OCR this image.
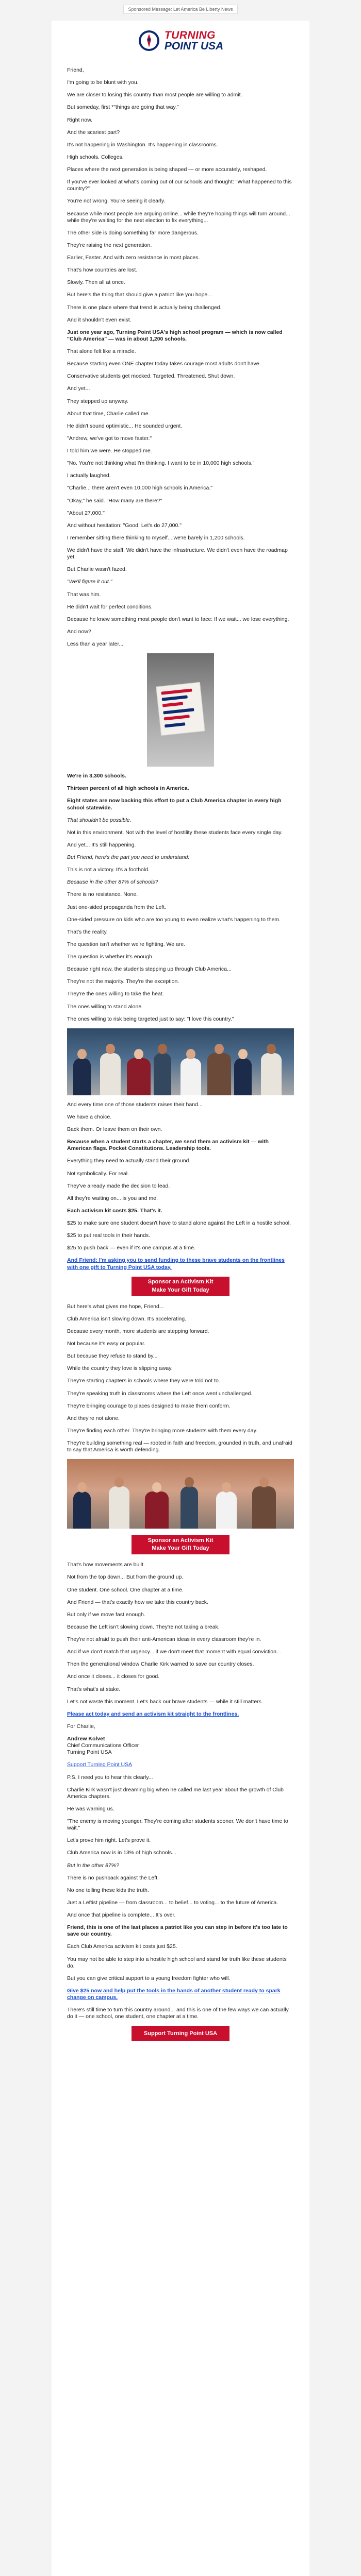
Sponsored Message: Let America Be Liberty News
TURNING
POINT USA

Friend,

I'm going to be blunt with you.

We are closer to losing this country than most people are willing to admit.

But someday, first *"things are going that way."

Right now.

And the scariest part?

It's not happening in Washington. It's happening in classrooms.

High schools. Colleges.

Places where the next generation is being shaped — or more accurately, reshaped.

If you've ever looked at what's coming out of our schools and thought: "What happened to this country?"

You're not wrong. You're seeing it clearly.

Because while most people are arguing online... while they're hoping things will turn around... while they're waiting for the next election to fix everything...

The other side is doing something far more dangerous.

They're raising the next generation.

Earlier, Faster. And with zero resistance in most places.

That's how countries are lost.

Slowly. Then all at once.

But here's the thing that should give a patriot like you hope...

There is one place where that trend is actually being challenged.

And it shouldn't even exist.

Just one year ago, Turning Point USA's high school program — which is now called "Club America" — was in about 1,200 schools.

That alone felt like a miracle.

Because starting even ONE chapter today takes courage most adults don't have.

Conservative students get mocked. Targeted. Threatened. Shut down.

And yet...

They stepped up anyway.

About that time, Charlie called me.

He didn't sound optimistic... He sounded urgent.

"Andrew, we've got to move faster."

I told him we were. He stopped me.

"No. You're not thinking what I'm thinking. I want to be in 10,000 high schools."

I actually laughed.

"Charlie... there aren't even 10,000 high schools in America."

"Okay," he said. "How many are there?"

"About 27,000."

And without hesitation: "Good. Let's do 27,000."

I remember sitting there thinking to myself... we're barely in 1,200 schools.

We didn't have the staff. We didn't have the infrastructure. We didn't even have the roadmap yet.

But Charlie wasn't fazed.

"We'll figure it out."

That was him.

He didn't wait for perfect conditions.

Because he knew something most people don't want to face: If we wait... we lose everything.

And now?

Less than a year later...

We're in 3,300 schools.

Thirteen percent of all high schools in America.

Eight states are now backing this effort to put a Club America chapter in every high school statewide.

That shouldn't be possible.

Not in this environment. Not with the level of hostility these students face every single day.

And yet... It's still happening.

But Friend, here's the part you need to understand:

This is not a victory. It's a foothold.

Because in the other 87% of schools?

There is no resistance. None.

Just one-sided propaganda from the Left.

One-sided pressure on kids who are too young to even realize what's happening to them.

That's the reality.

The question isn't whether we're fighting. We are.

The question is whether it's enough.

Because right now, the students stepping up through Club America...

They're not the majority. They're the exception.

They're the ones willing to take the heat.

The ones willing to stand alone.

The ones willing to risk being targeted just to say: "I love this country."

And every time one of those students raises their hand...

We have a choice.

Back them. Or leave them on their own.

Because when a student starts a chapter, we send them an activism kit — with American flags. Pocket Constitutions. Leadership tools.

Everything they need to actually stand their ground.

Not symbolically. For real.

They've already made the decision to lead.

All they're waiting on... is you and me.

Each activism kit costs $25. That's it.

$25 to make sure one student doesn't have to stand alone against the Left in a hostile school.

$25 to put real tools in their hands.

$25 to push back — even if it's one campus at a time.

And Friend: I'm asking you to send funding to these brave students on the frontlines with one gift to Turning Point USA today.

Sponsor an Activism Kit
Make Your Gift Today

But here's what gives me hope, Friend...

Club America isn't slowing down. It's accelerating.

Because every month, more students are stepping forward.

Not because it's easy or popular.

But because they refuse to stand by...

While the country they love is slipping away.

They're starting chapters in schools where they were told not to.

They're speaking truth in classrooms where the Left once went unchallenged.

They're bringing courage to places designed to make them conform.

And they're not alone.

They're finding each other. They're bringing more students with them every day.

They're building something real — rooted in faith and freedom, grounded in truth, and unafraid to say that America is worth defending.

Sponsor an Activism Kit
Make Your Gift Today

That's how movements are built.

Not from the top down... But from the ground up.

One student. One school. One chapter at a time.

And Friend — that's exactly how we take this country back.

But only if we move fast enough.

Because the Left isn't slowing down. They're not taking a break.

They're not afraid to push their anti-American ideas in every classroom they're in.

And if we don't match that urgency... if we don't meet that moment with equal conviction...

Then the generational window Charlie Kirk warned to save our country closes.

And once it closes... it closes for good.

That's what's at stake.

Let's not waste this moment. Let's back our brave students — while it still matters.

Please act today and send an activism kit straight to the frontlines.

For Charlie,

Andrew Kolvet
Chief Communications Officer
Turning Point USA

Support Turning Point USA

P.S. I need you to hear this clearly...

Charlie Kirk wasn't just dreaming big when he called me last year about the growth of Club America chapters.

He was warning us.

"The enemy is moving younger. They're coming after students sooner. We don't have time to wait."

Let's prove him right. Let's prove it.

Club America now is in 13% of high schools...

But in the other 87%?

There is no pushback against the Left.

No one telling these kids the truth.

Just a Leftist pipeline — from classroom... to belief... to voting... to the future of America.

And once that pipeline is complete... It's over.

Friend, this is one of the last places a patriot like you can step in before it's too late to save our country.

Each Club America activism kit costs just $25.

You may not be able to step into a hostile high school and stand for truth like these students do.

But you can give critical support to a young freedom fighter who will.

Give $25 now and help put the tools in the hands of another student ready to spark change on campus.

There's still time to turn this country around... and this is one of the few ways we can actually do it — one school, one student, one chapter at a time.

Support Turning Point USA
